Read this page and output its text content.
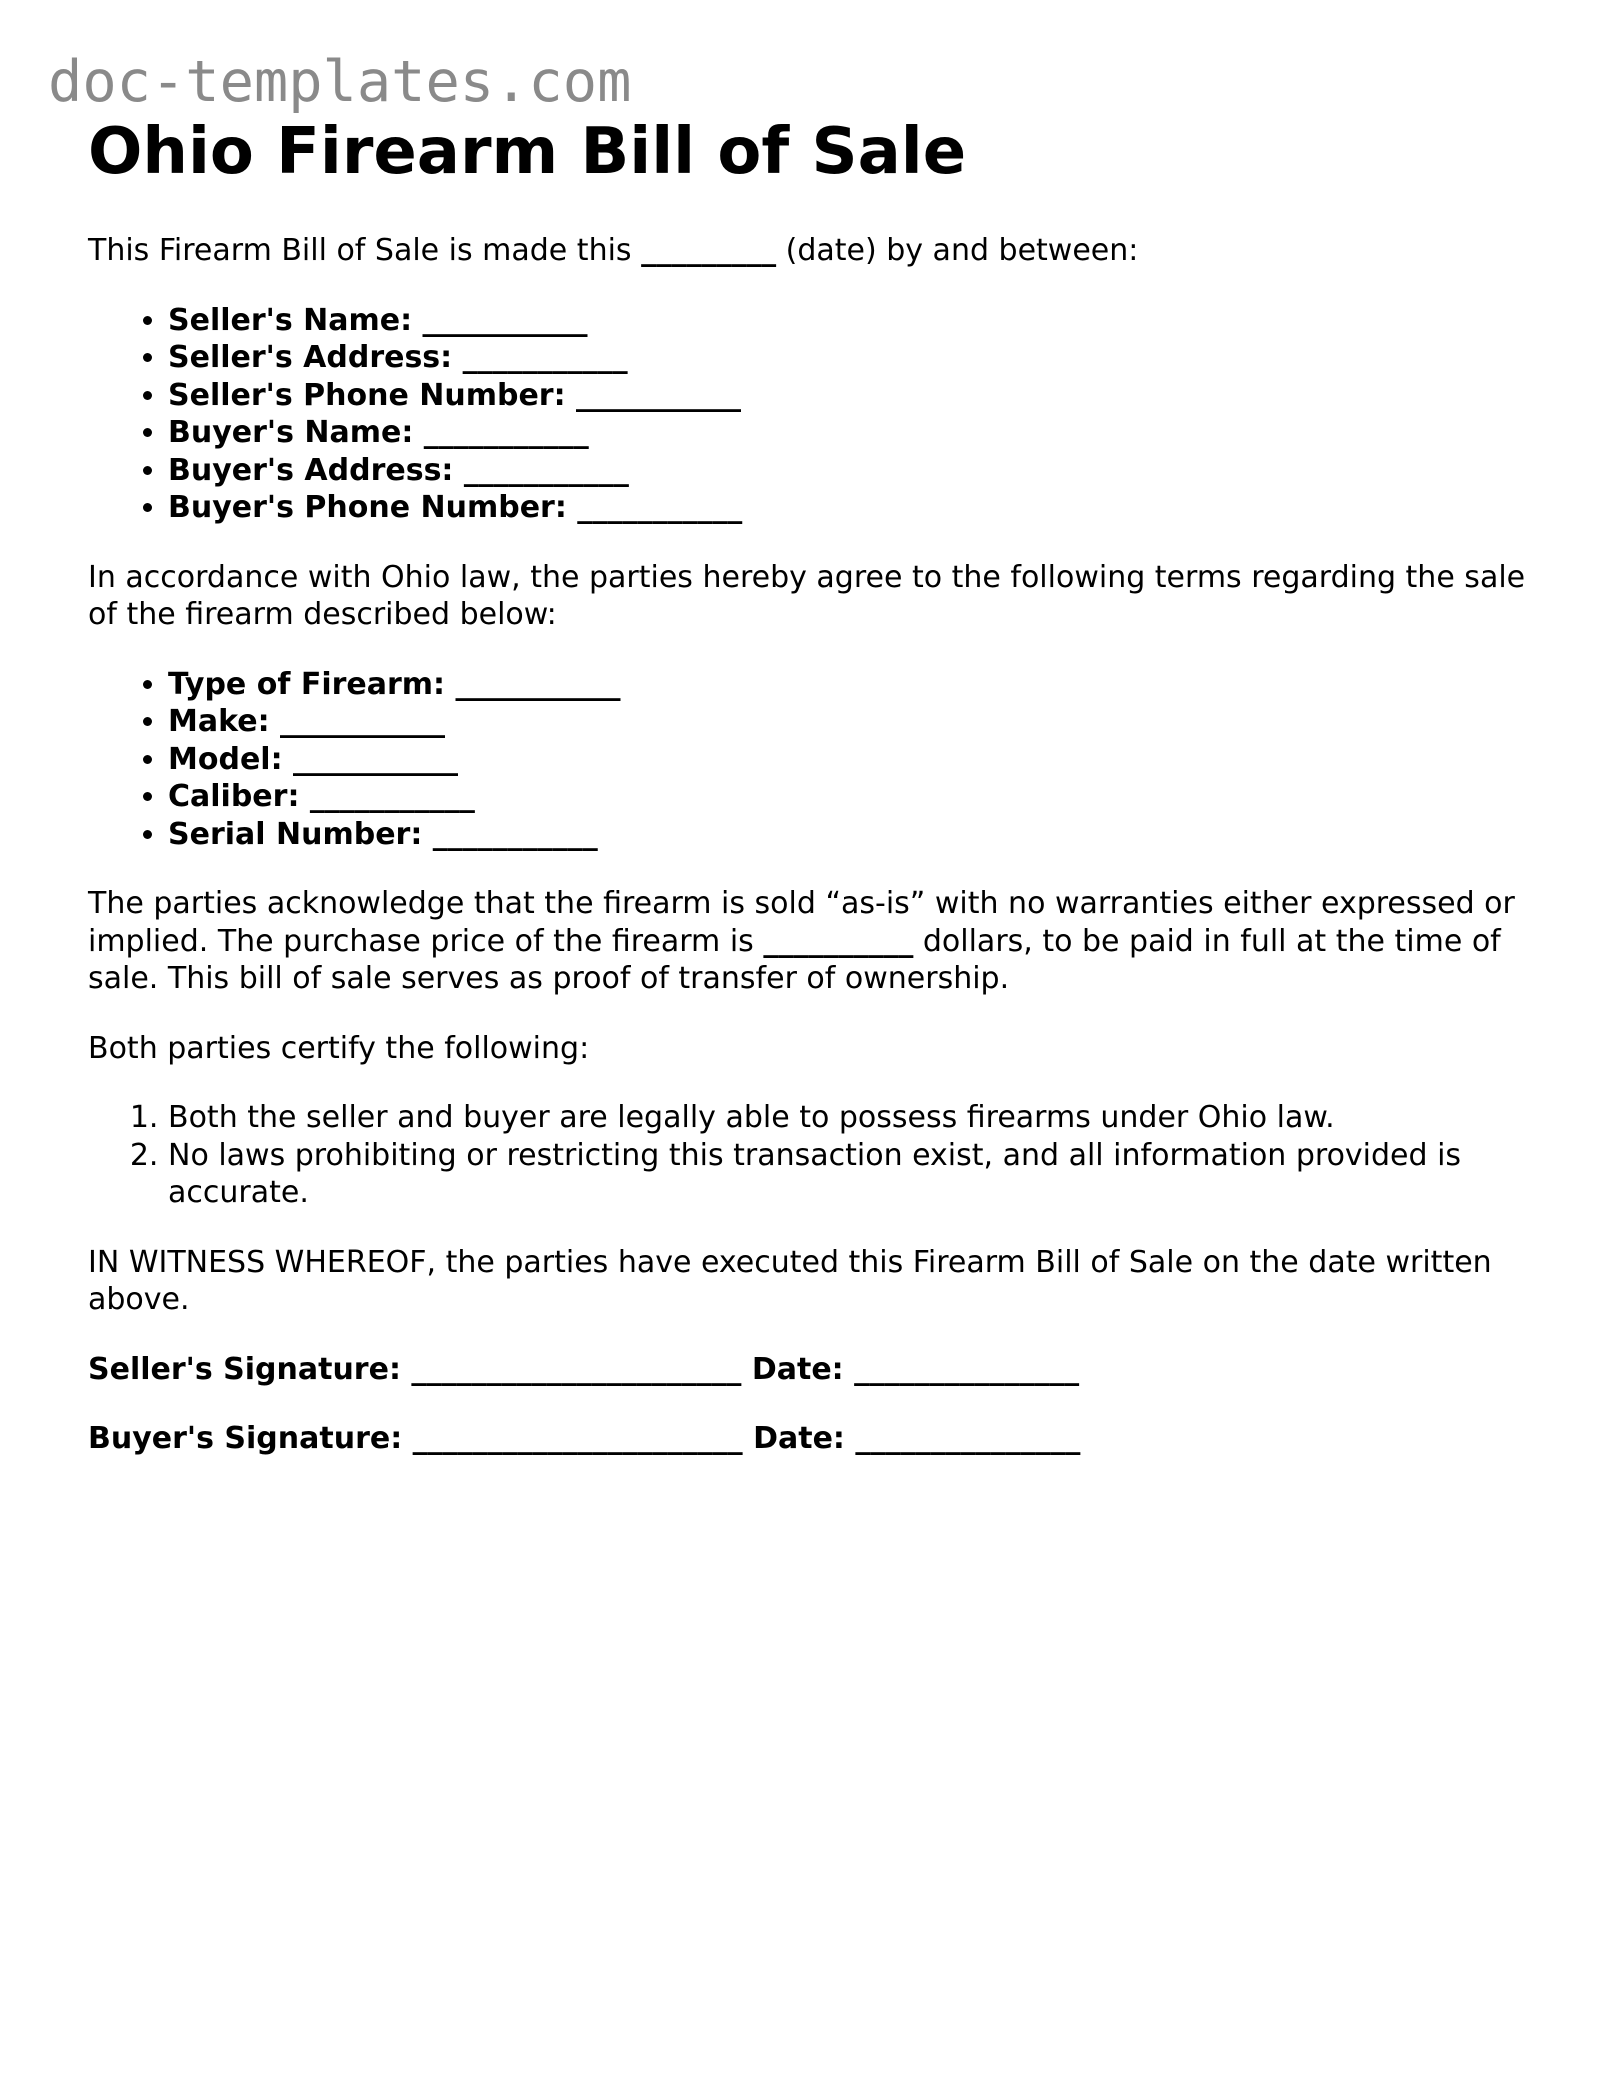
doc-templates.com
Ohio Firearm Bill of Sale

This Firearm Bill of Sale is made this _________ (date) by and between:

• Seller's Name: ___________
• Seller's Address: ___________
• Seller's Phone Number: ___________
• Buyer's Name: ___________
• Buyer's Address: ___________
• Buyer's Phone Number: ___________

In accordance with Ohio law, the parties hereby agree to the following terms regarding the sale of the firearm described below:

• Type of Firearm: ___________
• Make: ___________
• Model: ___________
• Caliber: ___________
• Serial Number: ___________

The parties acknowledge that the firearm is sold “as-is” with no warranties either expressed or implied. The purchase price of the firearm is __________ dollars, to be paid in full at the time of sale. This bill of sale serves as proof of transfer of ownership.

Both parties certify the following:

1. Both the seller and buyer are legally able to possess firearms under Ohio law.
2. No laws prohibiting or restricting this transaction exist, and all information provided is accurate.

IN WITNESS WHEREOF, the parties have executed this Firearm Bill of Sale on the date written above.

Seller's Signature: ______________________ Date: _______________
Buyer's Signature: ______________________ Date: _______________
